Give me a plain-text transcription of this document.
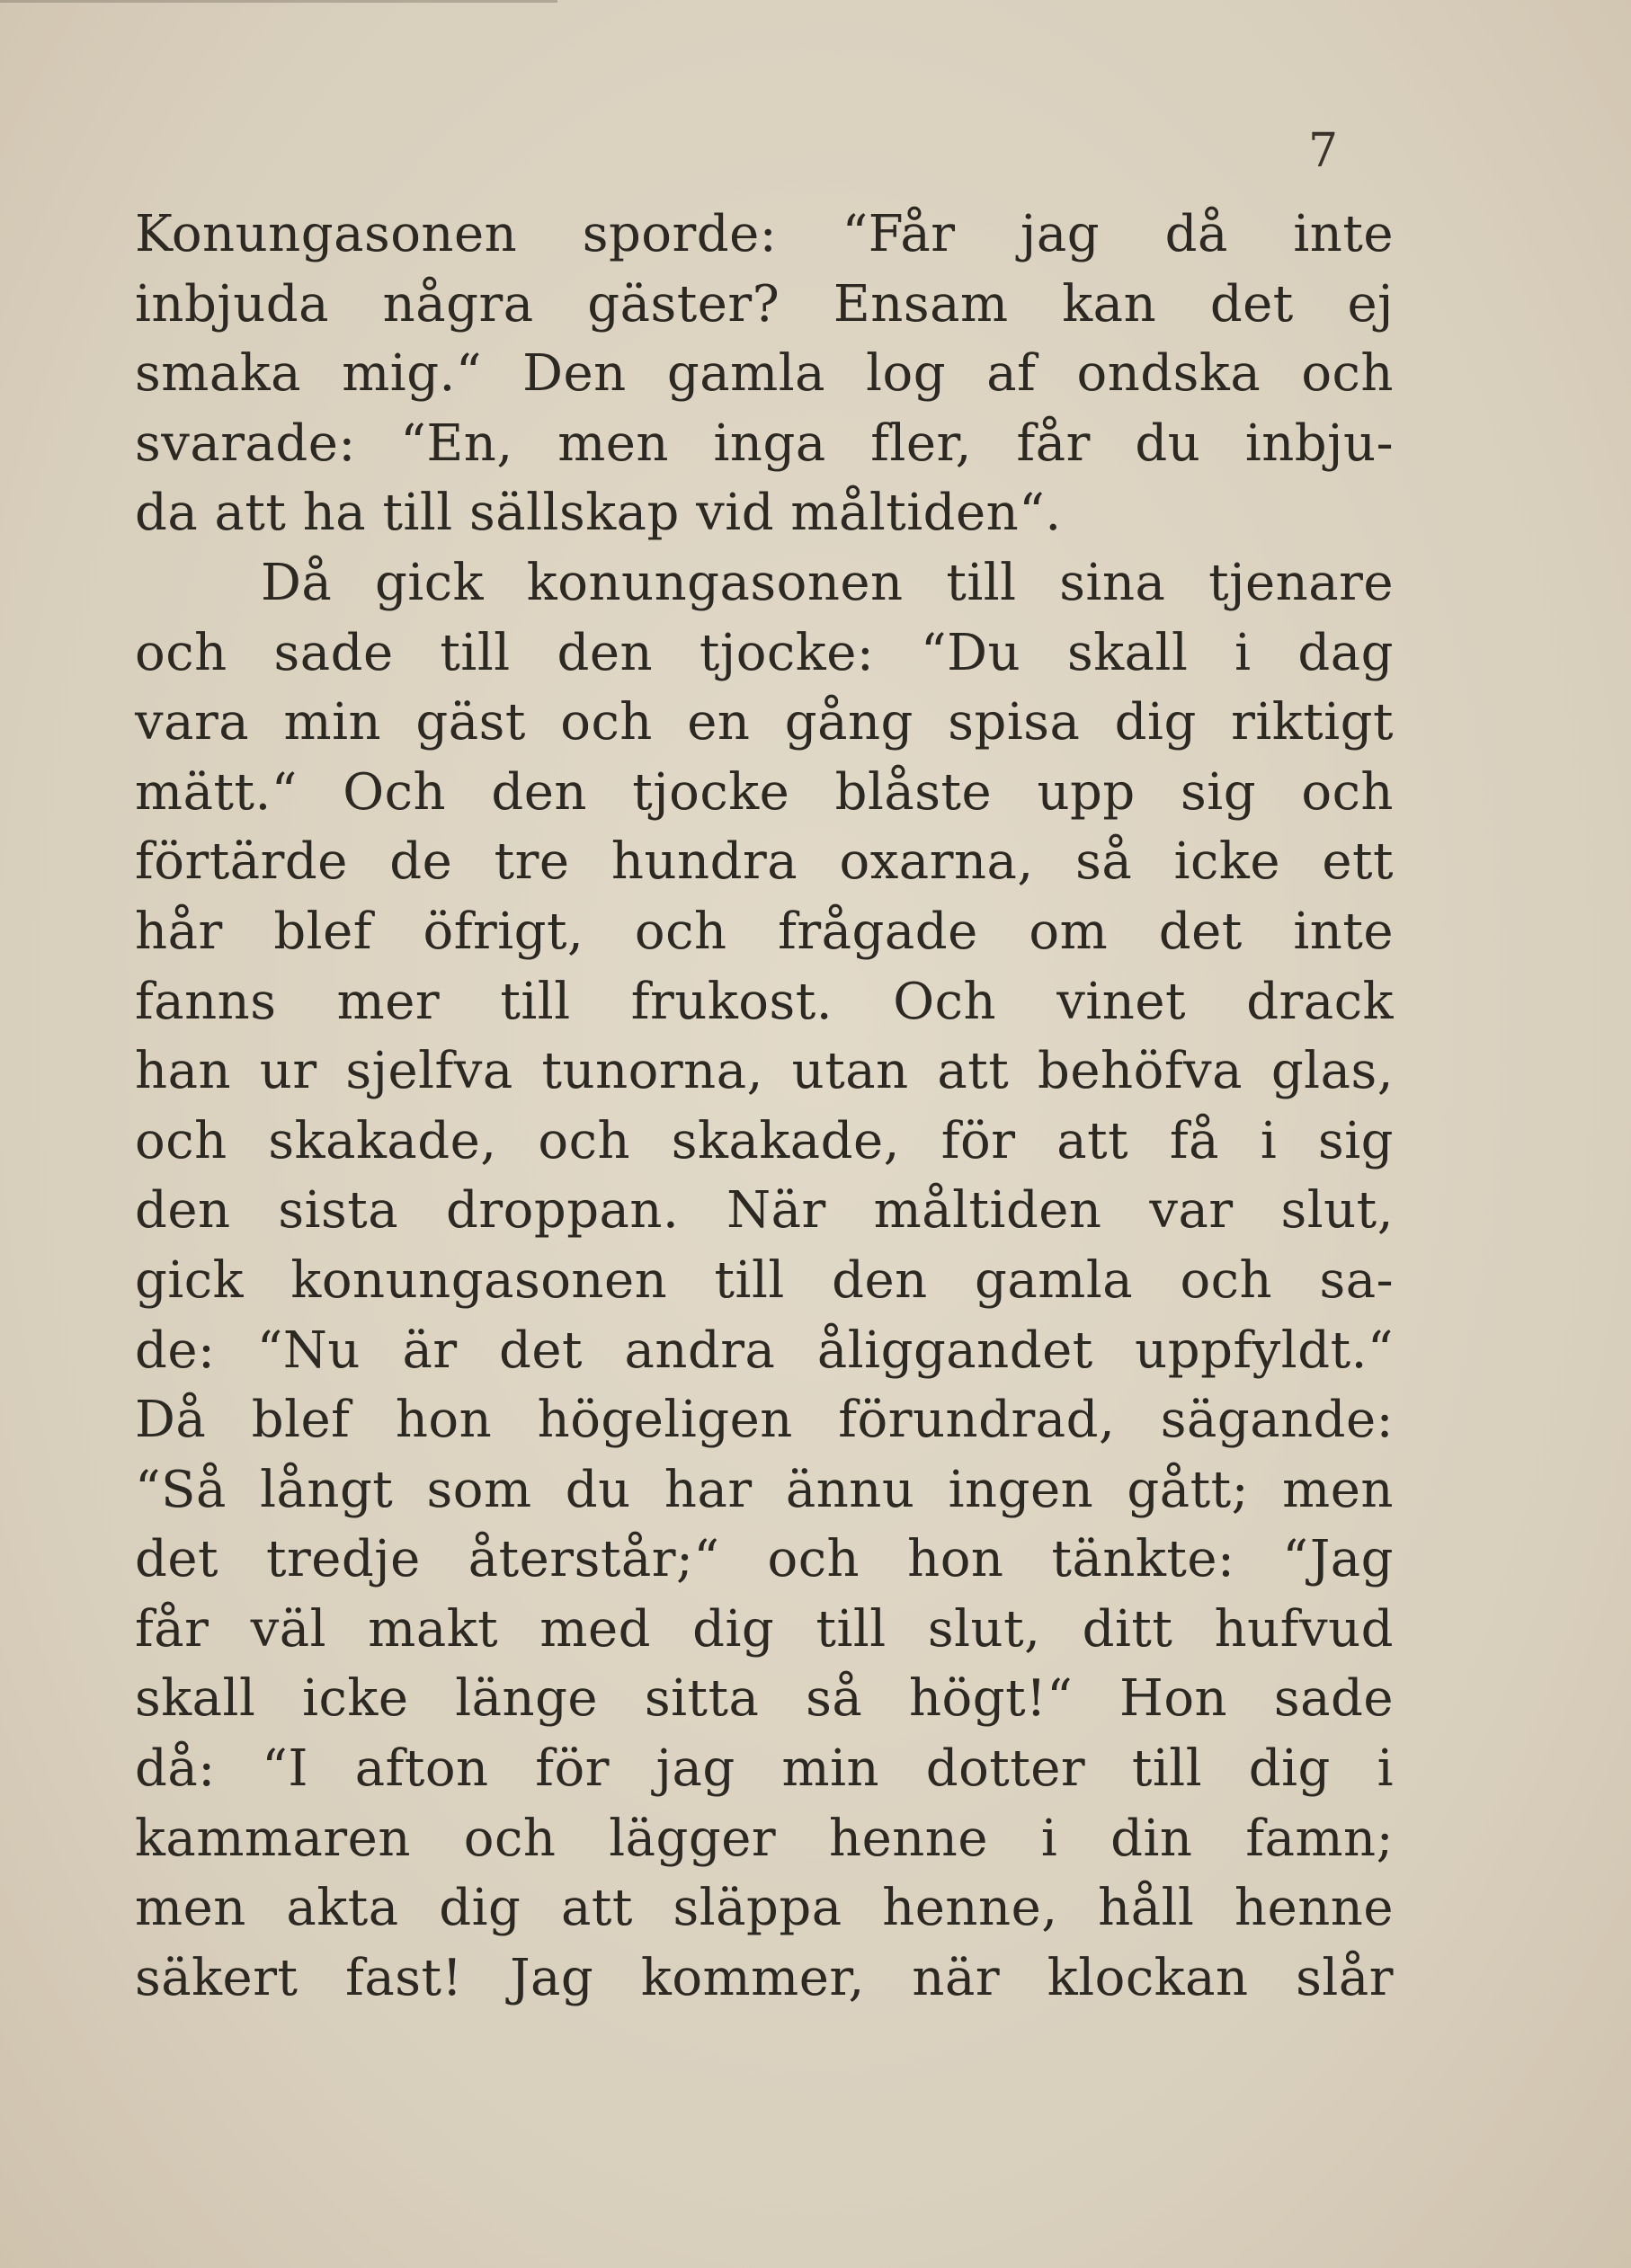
7
Konungasonen sporde: “Får jag då inte
inbjuda några gäster? Ensam kan det ej
smaka mig.“ Den gamla log af ondska och
svarade: “En, men inga fler, får du inbju-
da att ha till sällskap vid måltiden“.
Då gick konungasonen till sina tjenare
och sade till den tjocke: “Du skall i dag
vara min gäst och en gång spisa dig riktigt
mätt.“ Och den tjocke blåste upp sig och
förtärde de tre hundra oxarna, så icke ett
hår blef öfrigt, och frågade om det inte
fanns mer till frukost. Och vinet drack
han ur sjelfva tunorna, utan att behöfva glas,
och skakade, och skakade, för att få i sig
den sista droppan. När måltiden var slut,
gick konungasonen till den gamla och sa-
de: “Nu är det andra åliggandet uppfyldt.“
Då blef hon högeligen förundrad, sägande:
“Så långt som du har ännu ingen gått; men
det tredje återstår;“ och hon tänkte: “Jag
får väl makt med dig till slut, ditt hufvud
skall icke länge sitta så högt!“ Hon sade
då: “I afton för jag min dotter till dig i
kammaren och lägger henne i din famn;
men akta dig att släppa henne, håll henne
säkert fast! Jag kommer, när klockan slår
